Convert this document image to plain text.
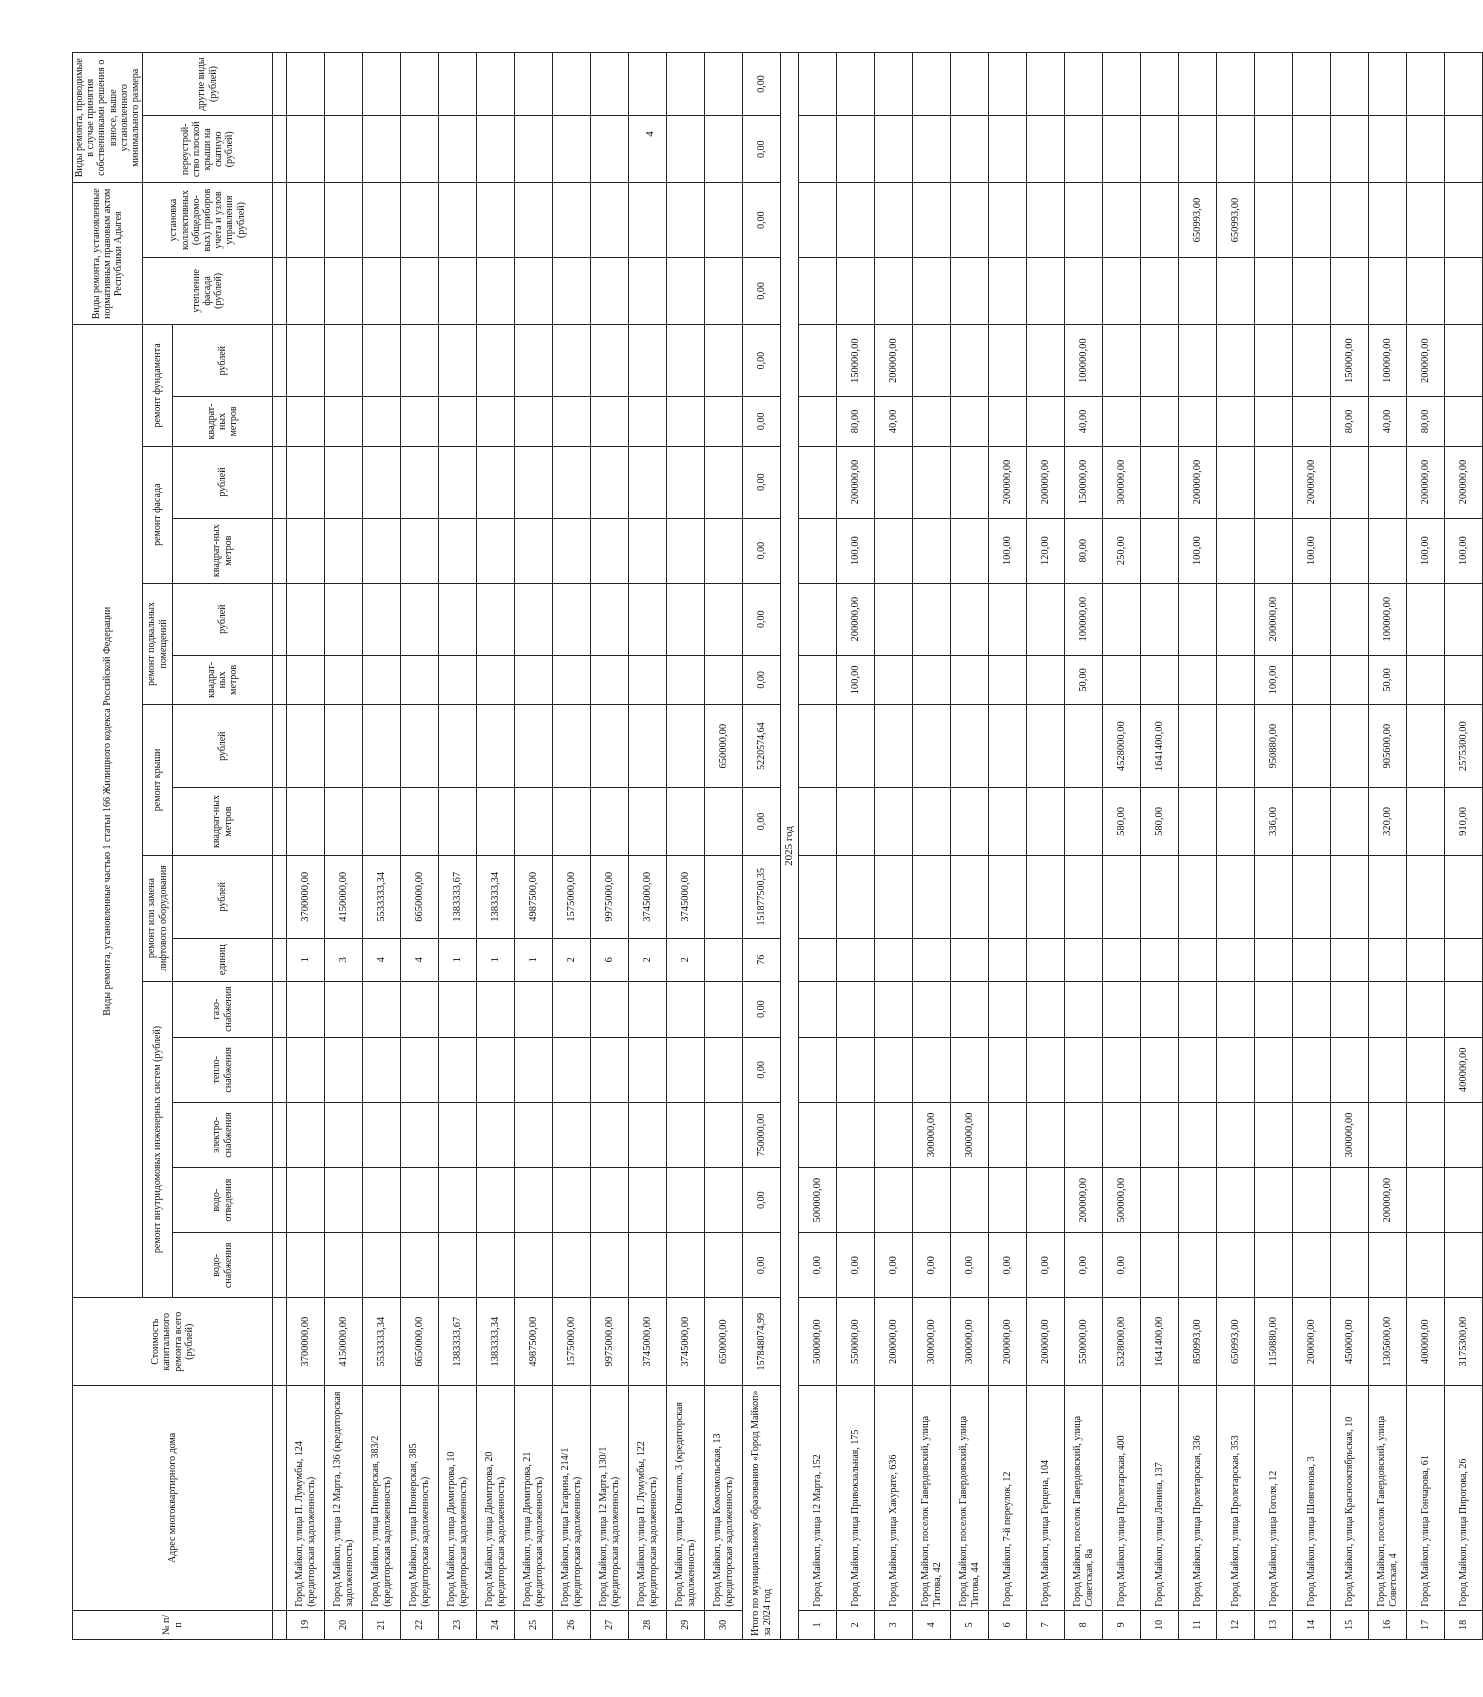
4
№ п/п	Адрес многоквартирного дома	Стоимость капитального ремонта всего (рублей)	Виды ремонта, установленные частью 1 статьи 166 Жилищного кодекса Российской Федерации															Виды ремонта, установленные нормативным правовым актом Республики Адыгея		Виды ремонта, проводимые в случае принятия собственниками решения о взносе, выше установленного минимального размера	
			ремонт внутридомовых инженерных систем (рублей)					ремонт или замена лифтового оборудования		ремонт крыши		ремонт подвальных помещений		ремонт фасада		ремонт фундамента		утепление фасада (рублей)	установка коллективных (общедомо-вых) приборов учета и узлов управления (рублей)	переустрой-ство плоской крыши на скатную (рублей)	другие виды (рублей)
			водо-снабжения	водо-отведения	электро-снабжения	тепло-снабжения	газо-снабжения	единиц	рублей	квадрат-ных метров	рублей	квадрат-ных метров	рублей	квадрат-ных метров	рублей	квадрат-ных метров	рублей				

19	Город Майкоп, улица П. Лумумбы, 124 (кредиторская задолженность)	3700000,00						1	3700000,00												
20	Город Майкоп, улица 12 Марта, 136 (кредиторская задолженность)	4150000,00						3	4150000,00												
21	Город Майкоп, улица Пионерская, 383/2 (кредиторская задолженность)	5533333,34						4	5533333,34												
22	Город Майкоп, улица Пионерская, 385 (кредиторская задолженность)	6650000,00						4	6650000,00												
23	Город Майкоп, улица Димитрова, 10 (кредиторская задолженность)	1383333,67						1	1383333,67												
24	Город Майкоп, улица Димитрова, 20 (кредиторская задолженность)	1383333,34						1	1383333,34												
25	Город Майкоп, улица Димитрова, 21 (кредиторская задолженность)	4987500,00						1	4987500,00												
26	Город Майкоп, улица Гагарина, 214/1 (кредиторская задолженность)	1575000,00						2	1575000,00												
27	Город Майкоп, улица 12 Марта, 130/1 (кредиторская задолженность)	9975000,00						6	9975000,00												
28	Город Майкоп, улица П. Лумумбы, 122 (кредиторская задолженность)	3745000,00						2	3745000,00												
29	Город Майкоп, улица Юннатов, 3 (кредиторская задолженность)	3745000,00						2	3745000,00												
30	Город Майкоп, улица Комсомольская, 13 (кредиторская задолженность)	650000,00									650000,00										
Итого по муниципальному образованию «Город Майкоп» за 2024 год		157848074,99	0,00	0,00	750000,00	0,00	0,00	76	151877500,35	0,00	5220574,64	0,00	0,00	0,00	0,00	0,00	0,00	0,00	0,00	0,00	0,00
2025 год																					
1	Город Майкоп, улица 12 Марта, 152	500000,00	0,00	500000,00																	
2	Город Майкоп, улица Привокзальная, 175	550000,00	0,00									100,00	200000,00	100,00	200000,00	80,00	150000,00				
3	Город Майкоп, улица Хакурате, 636	200000,00	0,00													40,00	200000,00				
4	Город Майкоп, поселок Гавердовский, улица Титова, 42	300000,00	0,00		300000,00																
5	Город Майкоп, поселок Гавердовский, улица Титова, 44	300000,00	0,00		300000,00																
6	Город Майкоп, 7-й переулок, 12	200000,00	0,00											100,00	200000,00						
7	Город Майкоп, улица Герцена, 104	200000,00	0,00											120,00	200000,00						
8	Город Майкоп, поселок Гавердовский, улица Советская, 8а	550000,00	0,00	200000,00								50,00	100000,00	80,00	150000,00	40,00	100000,00				
9	Город Майкоп, улица Пролетарская, 400	5328000,00	0,00	500000,00						580,00	4528000,00			250,00	300000,00						
10	Город Майкоп, улица Ленина, 137	1641400,00								580,00	1641400,00										
11	Город Майкоп, улица Пролетарская, 336	850993,00												100,00	200000,00				650993,00		
12	Город Майкоп, улица Пролетарская, 353	650993,00																	650993,00		
13	Город Майкоп, улица Гоголя, 12	1150880,00								336,00	950880,00	100,00	200000,00								
14	Город Майкоп, улица Шовгенова, 3	200000,00												100,00	200000,00						
15	Город Майкоп, улица Краснооктябрьская, 10	450000,00			300000,00											80,00	150000,00				
16	Город Майкоп, поселок Гавердовский, улица Советская, 4	1305600,00		200000,00						320,00	905600,00	50,00	100000,00			40,00	100000,00				
17	Город Майкоп, улица Гончарова, 61	400000,00												100,00	200000,00	80,00	200000,00				
18	Город Майкоп, улица Пирогова, 26	3175300,00				400000,00				910,00	2575300,00			100,00	200000,00						
